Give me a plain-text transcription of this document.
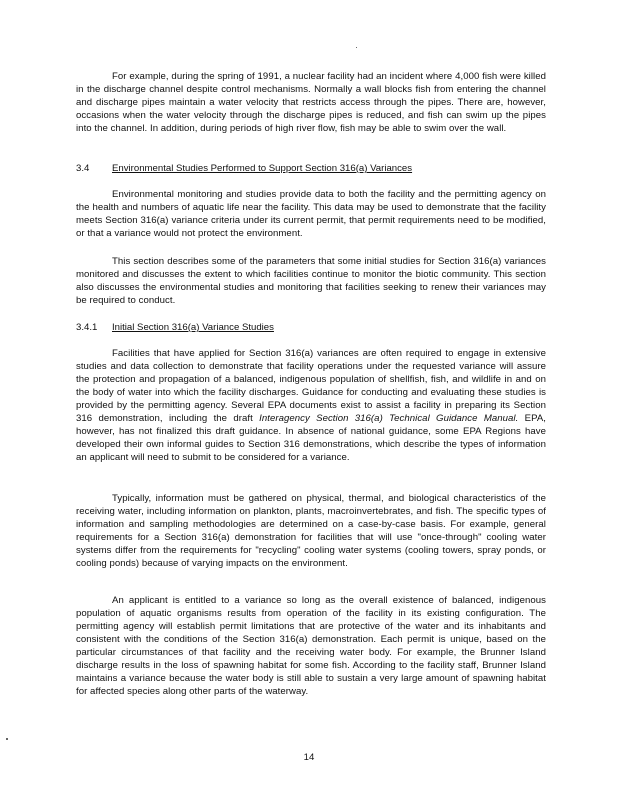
For example, during the spring of 1991, a nuclear facility had an incident where 4,000 fish were killed in the discharge channel despite control mechanisms. Normally a wall blocks fish from entering the channel and discharge pipes maintain a water velocity that restricts access through the pipes. There are, however, occasions when the water velocity through the discharge pipes is reduced, and fish can swim up the pipes into the channel. In addition, during periods of high river flow, fish may be able to swim over the wall.

3.4 Environmental Studies Performed to Support Section 316(a) Variances

Environmental monitoring and studies provide data to both the facility and the permitting agency on the health and numbers of aquatic life near the facility. This data may be used to demonstrate that the facility meets Section 316(a) variance criteria under its current permit, that permit requirements need to be modified, or that a variance would not protect the environment.

This section describes some of the parameters that some initial studies for Section 316(a) variances monitored and discusses the extent to which facilities continue to monitor the biotic community. This section also discusses the environmental studies and monitoring that facilities seeking to renew their variances may be required to conduct.

3.4.1 Initial Section 316(a) Variance Studies

Facilities that have applied for Section 316(a) variances are often required to engage in extensive studies and data collection to demonstrate that facility operations under the requested variance will assure the protection and propagation of a balanced, indigenous population of shellfish, fish, and wildlife in and on the body of water into which the facility discharges. Guidance for conducting and evaluating these studies is provided by the permitting agency. Several EPA documents exist to assist a facility in preparing its Section 316 demonstration, including the draft Interagency Section 316(a) Technical Guidance Manual. EPA, however, has not finalized this draft guidance. In absence of national guidance, some EPA Regions have developed their own informal guides to Section 316 demonstrations, which describe the types of information an applicant will need to submit to be considered for a variance.

Typically, information must be gathered on physical, thermal, and biological characteristics of the receiving water, including information on plankton, plants, macroinvertebrates, and fish. The specific types of information and sampling methodologies are determined on a case-by-case basis. For example, general requirements for a Section 316(a) demonstration for facilities that will use "once-through" cooling water systems differ from the requirements for "recycling" cooling water systems (cooling towers, spray ponds, or cooling ponds) because of varying impacts on the environment.

An applicant is entitled to a variance so long as the overall existence of balanced, indigenous population of aquatic organisms results from operation of the facility in its existing configuration. The permitting agency will establish permit limitations that are protective of the water and its inhabitants and consistent with the conditions of the Section 316(a) demonstration. Each permit is unique, based on the particular circumstances of that facility and the receiving water body. For example, the Brunner Island discharge results in the loss of spawning habitat for some fish. According to the facility staff, Brunner Island maintains a variance because the water body is still able to sustain a very large amount of spawning habitat for affected species along other parts of the waterway.

14
